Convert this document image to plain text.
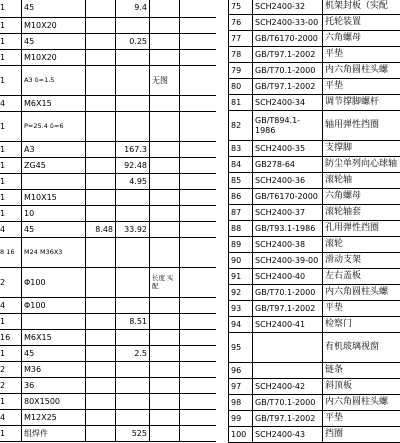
1	45		9.4		
1	M10X20				
1	45		0.25		
1	M10X20				
1	A3 δ=1.5			无图	
4	M6X15				
1	P=25.4 δ=6				
1	A3		167.3		
1	ZG45		92.48		
1			4.95		
1	M10X15				
1	10				
4	45	8.48	33.92		
8 16	M24 M36X3				
2	Φ100			长度 实配	
4	Φ100				
1			8.51		
16	M6X15				
1	45		2.5		
2	M36				
2	36				
1	80X1500				
4	M12X25				
1	组焊件		525		
75	SCH2400-32	机架封板（实配
76	SCH2400-33-00	托轮装置
77	GB/T6170-2000	六角螺母
78	GB/T97.1-2002	平垫
79	GB/T70.1-2000	内六角圆柱头螺
80	GB/T97.1-2002	平垫
81	SCH2400-34	调节撑脚螺杆
82	GB/T894.1- 1986	轴用弹性挡圈
83	SCH2400-35	支撑脚
84	GB278-64	防尘单列向心球轴
85	SCH2400-36	滚轮轴
86	GB/T6170-2000	六角螺母
87	SCH2400-37	滚轮轴套
88	GB/T93.1-1986	孔用弹性挡圈
89	SCH2400-38	滚轮
90	SCH2400-39-00	滑动支架
91	SCH2400-40	左右盖板
92	GB/T70.1-2000	内六角圆柱头螺
93	GB/T97.1-2002	平垫
94	SCH2400-41	检察门
95		有机玻璃视窗
96		链条
97	SCH2400-42	斜顶板
98	GB/T70.1-2000	内六角圆柱头螺
99	GB/T97.1-2002	平垫
100	SCH2400-43	挡圈
